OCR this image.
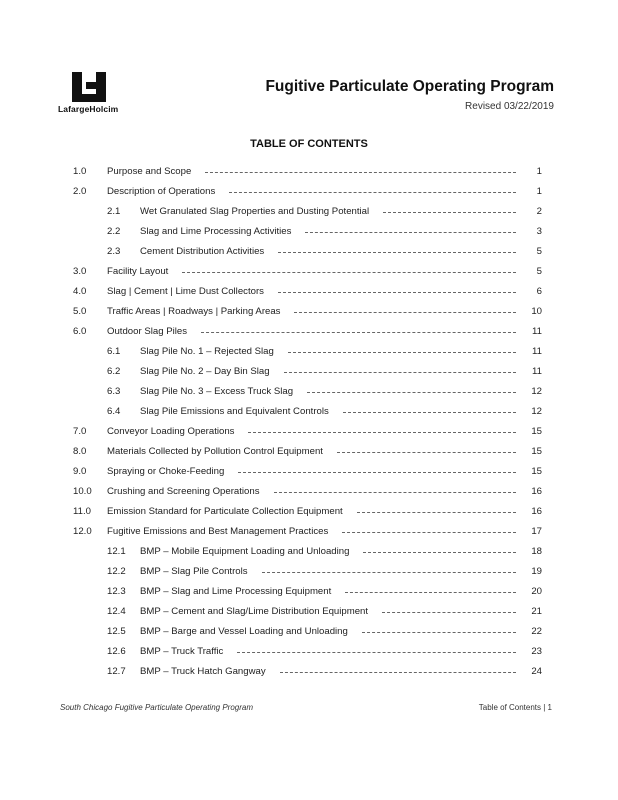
LafargeHolcim
Fugitive Particulate Operating Program
Revised 03/22/2019
TABLE OF CONTENTS
1.0 Purpose and Scope	1
2.0 Description of Operations	1
2.1 Wet Granulated Slag Properties and Dusting Potential	2
2.2 Slag and Lime Processing Activities	3
2.3 Cement Distribution Activities	5
3.0 Facility Layout	5
4.0 Slag | Cement | Lime Dust Collectors	6
5.0 Traffic Areas | Roadways | Parking Areas	10
6.0 Outdoor Slag Piles	11
6.1 Slag Pile No. 1 – Rejected Slag	11
6.2 Slag Pile No. 2 – Day Bin Slag	11
6.3 Slag Pile No. 3 – Excess Truck Slag	12
6.4 Slag Pile Emissions and Equivalent Controls	12
7.0 Conveyor Loading Operations	15
8.0 Materials Collected by Pollution Control Equipment	15
9.0 Spraying or Choke-Feeding	15
10.0 Crushing and Screening Operations	16
11.0 Emission Standard for Particulate Collection Equipment	16
12.0 Fugitive Emissions and Best Management Practices	17
12.1 BMP – Mobile Equipment Loading and Unloading	18
12.2 BMP – Slag Pile Controls	19
12.3 BMP – Slag and Lime Processing Equipment	20
12.4 BMP – Cement and Slag/Lime Distribution Equipment	21
12.5 BMP – Barge and Vessel Loading and Unloading	22
12.6 BMP – Truck Traffic	23
12.7 BMP – Truck Hatch Gangway	24
South Chicago Fugitive Particulate Operating Program	Table of Contents | 1
